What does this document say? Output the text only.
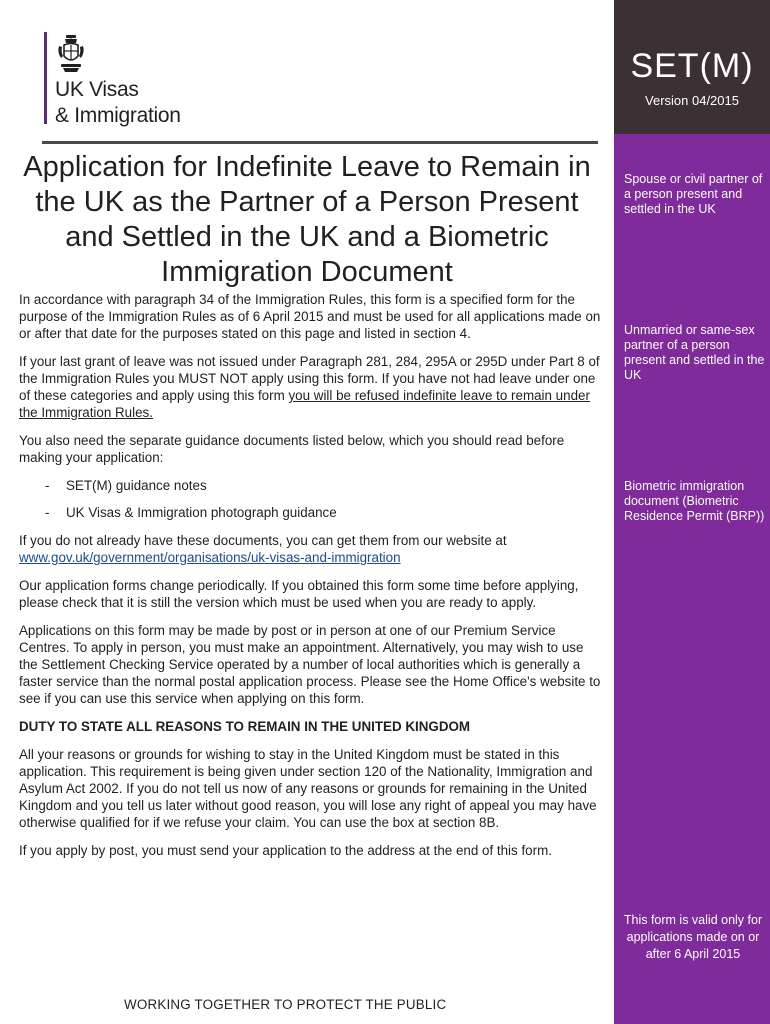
UK Visas
& Immigration
Application for Indefinite Leave to Remain in the UK as the Partner of a Person Present and Settled in the UK and a Biometric Immigration Document

In accordance with paragraph 34 of the Immigration Rules, this form is a specified form for the purpose of the Immigration Rules as of 6 April 2015 and must be used for all applications made on or after that date for the purposes stated on this page and listed in section 4.

If your last grant of leave was not issued under Paragraph 281, 284, 295A or 295D under Part 8 of the Immigration Rules you MUST NOT apply using this form. If you have not had leave under one of these categories and apply using this form you will be refused indefinite leave to remain under the Immigration Rules.

You also need the separate guidance documents listed below, which you should read before making your application:

- SET(M) guidance notes
- UK Visas & Immigration photograph guidance

If you do not already have these documents, you can get them from our website at
www.gov.uk/government/organisations/uk-visas-and-immigration

Our application forms change periodically. If you obtained this form some time before applying, please check that it is still the version which must be used when you are ready to apply.

Applications on this form may be made by post or in person at one of our Premium Service Centres. To apply in person, you must make an appointment. Alternatively, you may wish to use the Settlement Checking Service operated by a number of local authorities which is generally a faster service than the normal postal application process. Please see the Home Office's website to see if you can use this service when applying on this form.

DUTY TO STATE ALL REASONS TO REMAIN IN THE UNITED KINGDOM

All your reasons or grounds for wishing to stay in the United Kingdom must be stated in this application. This requirement is being given under section 120 of the Nationality, Immigration and Asylum Act 2002. If you do not tell us now of any reasons or grounds for remaining in the United Kingdom and you tell us later without good reason, you will lose any right of appeal you may have otherwise qualified for if we refuse your claim. You can use the box at section 8B.

If you apply by post, you must send your application to the address at the end of this form.

WORKING TOGETHER TO PROTECT THE PUBLIC
SET(M)
Version 04/2015
Spouse or civil partner of a person present and settled in the UK
Unmarried or same-sex partner of a person present and settled in the UK
Biometric immigration document (Biometric Residence Permit (BRP))
This form is valid only for applications made on or after 6 April 2015
